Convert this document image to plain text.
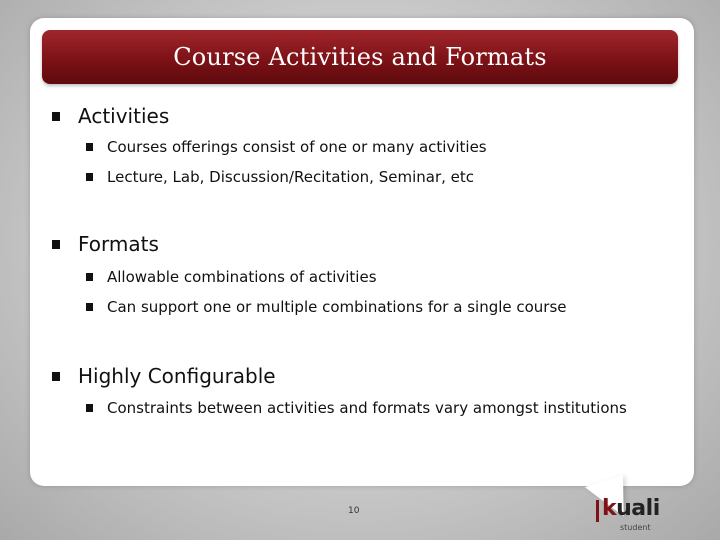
Course Activities and Formats
Activities
Courses offerings consist of one or many activities
Lecture, Lab, Discussion/Recitation, Seminar, etc
Formats
Allowable combinations of activities
Can support one or multiple combinations for a single course
Highly Configurable
Constraints between activities and formats vary amongst institutions
10	kuali
student
